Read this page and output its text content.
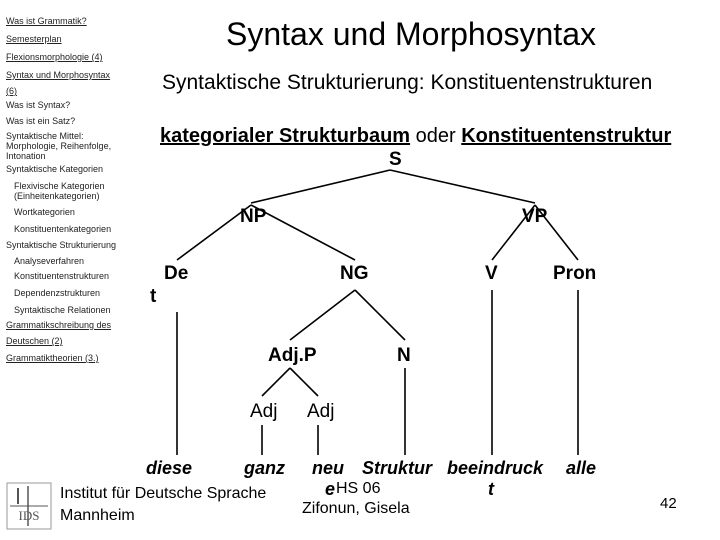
Was ist Grammatik?
Semesterplan
Flexionsmorphologie (4)
Syntax und Morphosyntax
(6)
Was ist Syntax?
Was ist ein Satz?
Syntaktische Mittel: Morphologie, Reihenfolge, Intonation
Syntaktische Kategorien
Flexivische Kategorien (Einheitenkategorien)
Wortkategorien
Konstituentenkategorien
Syntaktische Strukturierung
Analyseverfahren
Konstituentenstrukturen
Dependenzstrukturen
Syntaktische Relationen
Grammatikschreibung des
Deutschen (2)
Grammatiktheorien (3.)
Syntax und Morphosyntax
Syntaktische Strukturierung: Konstituentenstrukturen
kategorialer Strukturbaum oder Konstituentenstruktur
S
NP	VP
De
t
NG	V	Pron
Adj.P	N
Adj Adj
diese	ganz neu Struktur beeindruck
t
alle
e
IDS
Institut für Deutsche Sprache
Mannheim
HS 06
Zifonun, Gisela	42
